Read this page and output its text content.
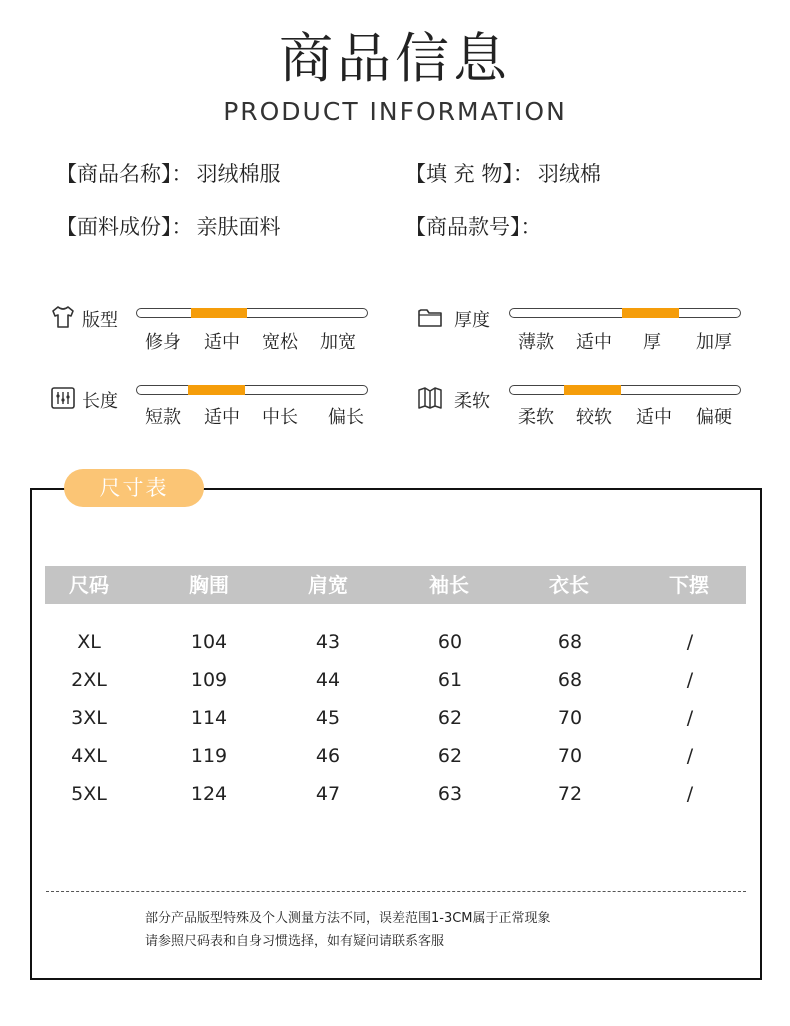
商品信息
PRODUCT INFORMATION
【商品名称】： 羽绒棉服	【填 充 物】： 羽绒棉
【面料成份】： 亲肤面料	【商品款号】：
版型
修身 适中 宽松 加宽
厚度
薄款 适中 厚 加厚
长度
短款 适中 中长 偏长
柔软
柔软 较软 适中 偏硬
尺寸表
尺码	胸围	肩宽	袖长	衣长	下摆
XL	104	43	60	68	/
2XL	109	44	61	68	/
3XL	114	45	62	70	/
4XL	119	46	62	70	/
5XL	124	47	63	72	/
部分产品版型特殊及个人测量方法不同，误差范围1-3CM属于正常现象
请参照尺码表和自身习惯选择，如有疑问请联系客服
